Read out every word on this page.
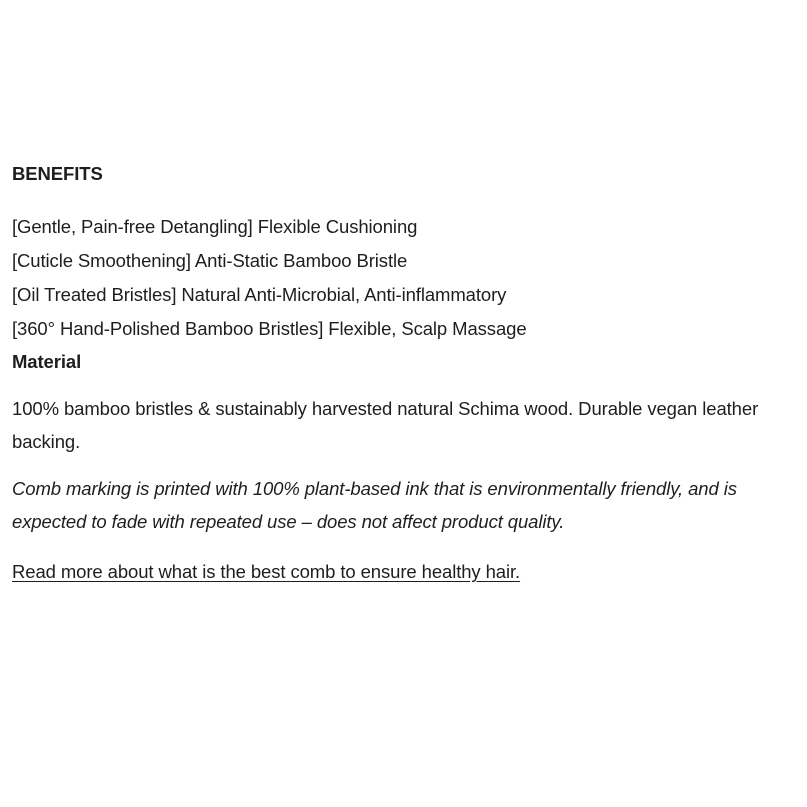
BENEFITS
[Gentle, Pain-free Detangling] Flexible Cushioning
[Cuticle Smoothening] Anti-Static Bamboo Bristle
[Oil Treated Bristles] Natural Anti-Microbial, Anti-inflammatory
[360° Hand-Polished Bamboo Bristles] Flexible, Scalp Massage
Material

100% bamboo bristles & sustainably harvested natural Schima wood. Durable vegan leather backing.

Comb marking is printed with 100% plant-based ink that is environmentally friendly, and is expected to fade with repeated use – does not affect product quality.

Read more about what is the best comb to ensure healthy hair.
